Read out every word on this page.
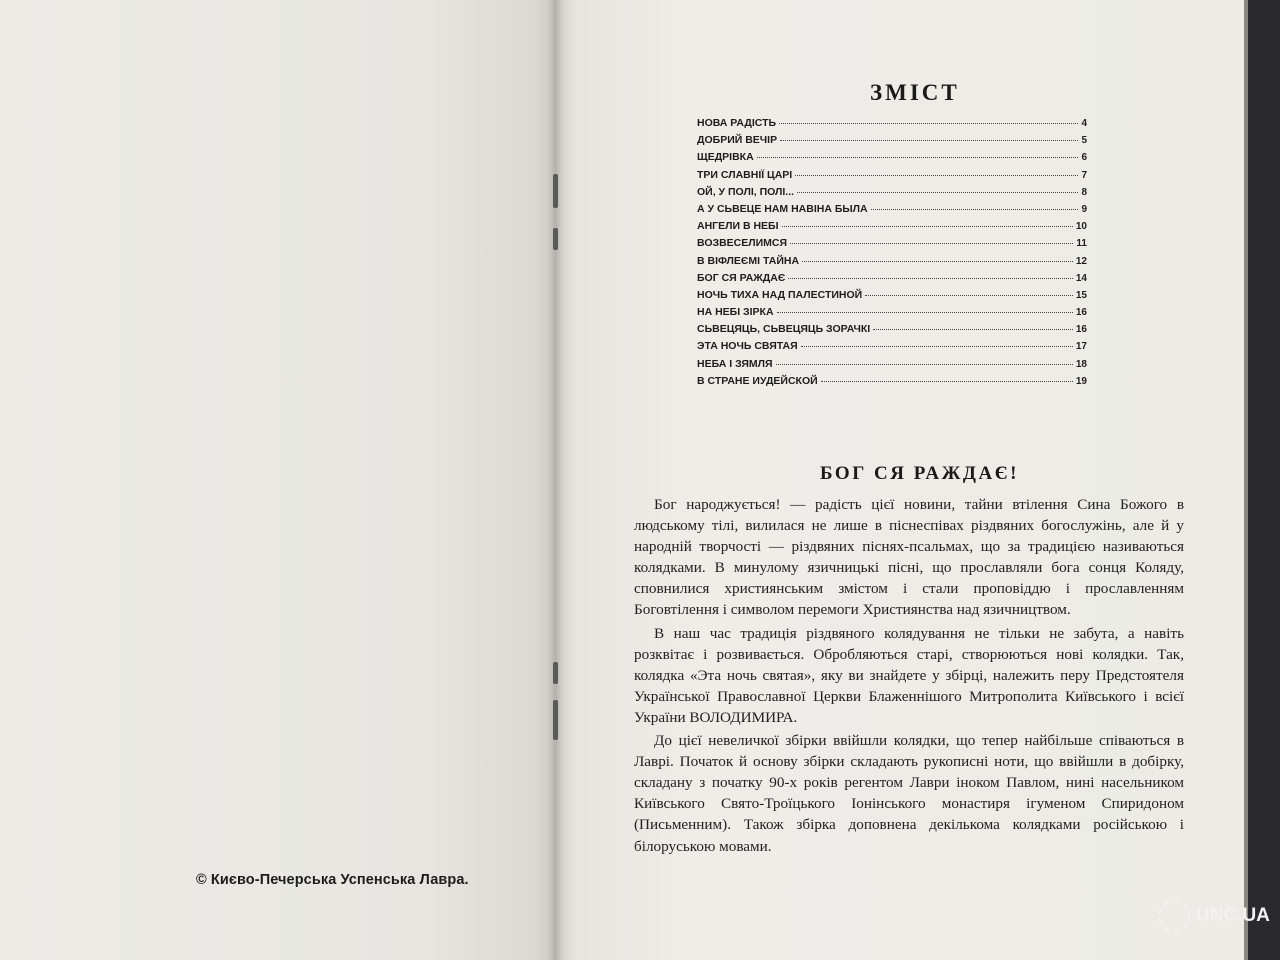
© Києво-Печерська Успенська Лавра.
ЗМІСТ
НОВА РАДІСТЬ	4
ДОБРИЙ ВЕЧІР	5
ЩЕДРІВКА	6
ТРИ СЛАВНІЇ ЦАРІ	7
ОЙ, У ПОЛІ, ПОЛІ...	8
А У СЬВЕЦЕ НАМ НАВІНА БЫЛА	9
АНГЕЛИ В НЕБІ	10
ВОЗВЕСЕЛИМСЯ	11
В ВІФЛЕЄМІ ТАЙНА	12
БОГ СЯ РАЖДАЄ	14
НОЧЬ ТИХА НАД ПАЛЕСТИНОЙ	15
НА НЕБІ ЗІРКА	16
СЬВЕЦЯЦЬ, СЬВЕЦЯЦЬ ЗОРАЧКІ	16
ЭТА НОЧЬ СВЯТАЯ	17
НЕБА І ЗЯМЛЯ	18
В СТРАНЕ ИУДЕЙСКОЙ	19
БОГ СЯ РАЖДАЄ!

Бог народжується! — радість цієї новини, тайни втілення Сина Божого в людському тілі, вилилася не лише в піснеспівах різдвяних богослужінь, але й у народній творчості — різдвяних піснях-псальмах, що за традицією називаються колядками. В минулому язичницькі пісні, що прославляли бога сонця Коляду, сповнилися християнським змістом і стали проповіддю і прославленням Боговтілення і символом перемоги Християнства над язичництвом.

В наш час традиція різдвяного колядування не тільки не забута, а навіть розквітає і розвивається. Обробляються старі, створюються нові колядки. Так, колядка «Эта ночь святая», яку ви знайдете у збірці, належить перу Предстоятеля Української Православної Церкви Блаженнішого Митрополита Київського і всієї України ВОЛОДИМИРА.

До цієї невеличкої збірки ввійшли колядки, що тепер найбільше співаються в Лаврі. Початок й основу збірки складають рукописні ноти, що ввійшли в добірку, складану з початку 90-х років регентом Лаври іноком Павлом, нині насельником Київського Свято-Троїцького Іонінського монастиря ігуменом Спиридоном (Письменним). Також збірка доповнена декількома колядками російською і білоруською мовами.

UNC.UA
